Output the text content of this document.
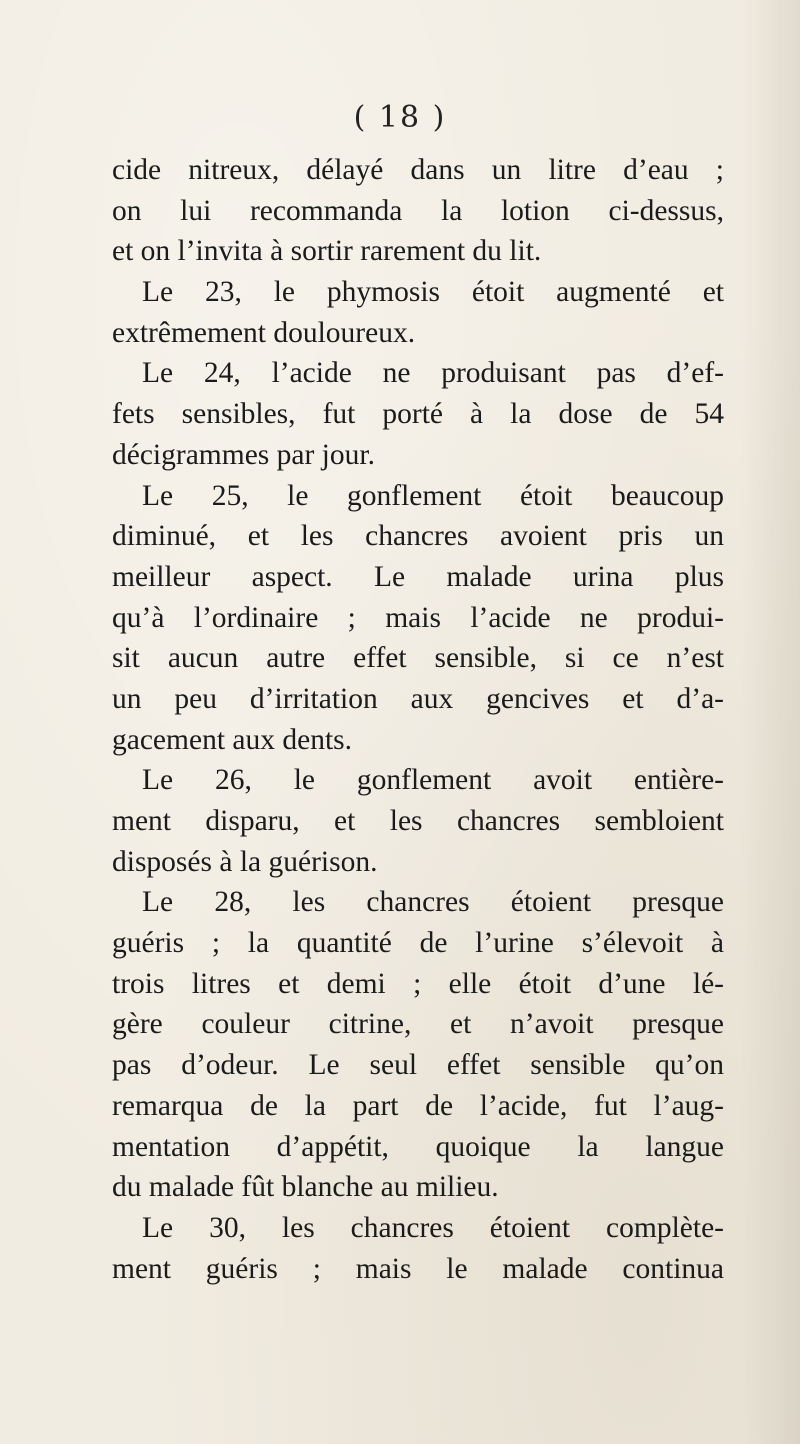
( 18 )
cide nitreux, délayé dans un litre d’eau ;
on lui recommanda la lotion ci-dessus,
et on l’invita à sortir rarement du lit.
Le 23, le phymosis étoit augmenté et
extrêmement douloureux.
Le 24, l’acide ne produisant pas d’ef-
fets sensibles, fut porté à la dose de 54
décigrammes par jour.
Le 25, le gonflement étoit beaucoup
diminué, et les chancres avoient pris un
meilleur aspect. Le malade urina plus
qu’à l’ordinaire ; mais l’acide ne produi-
sit aucun autre effet sensible, si ce n’est
un peu d’irritation aux gencives et d’a-
gacement aux dents.
Le 26, le gonflement avoit entière-
ment disparu, et les chancres sembloient
disposés à la guérison.
Le 28, les chancres étoient presque
guéris ; la quantité de l’urine s’élevoit à
trois litres et demi ; elle étoit d’une lé-
gère couleur citrine, et n’avoit presque
pas d’odeur. Le seul effet sensible qu’on
remarqua de la part de l’acide, fut l’aug-
mentation d’appétit, quoique la langue
du malade fût blanche au milieu.
Le 30, les chancres étoient complète-
ment guéris ; mais le malade continua
